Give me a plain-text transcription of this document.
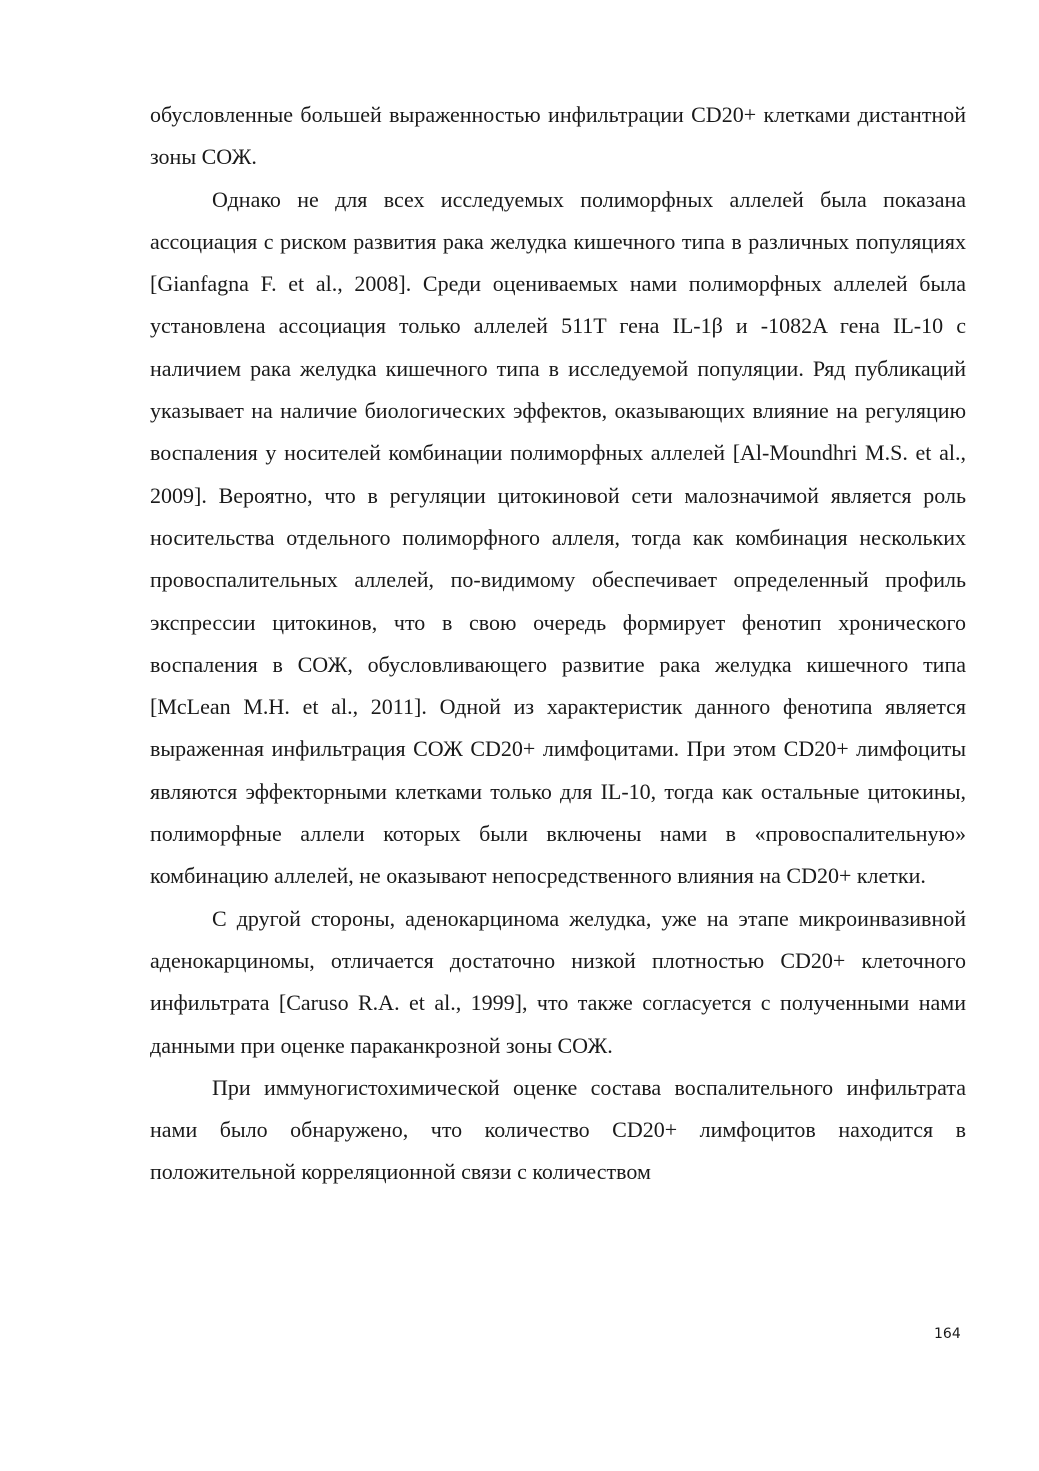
обусловленные большей выраженностью инфильтрации CD20+ клетками дистантной зоны СОЖ.

Однако не для всех исследуемых полиморфных аллелей была показана ассоциация с риском развития рака желудка кишечного типа в различных популяциях [Gianfagna F. et al., 2008]. Среди оцениваемых нами полиморфных аллелей была установлена ассоциация только аллелей 511T гена IL-1β и -1082A гена IL-10 с наличием рака желудка кишечного типа в исследуемой популяции. Ряд публикаций указывает на наличие биологических эффектов, оказывающих влияние на регуляцию воспаления у носителей комбинации полиморфных аллелей [Al-Moundhri M.S. et al., 2009]. Вероятно, что в регуляции цитокиновой сети малозначимой является роль носительства отдельного полиморфного аллеля, тогда как комбинация нескольких провоспалительных аллелей, по-видимому обеспечивает определенный профиль экспрессии цитокинов, что в свою очередь формирует фенотип хронического воспаления в СОЖ, обусловливающего развитие рака желудка кишечного типа [McLean M.H. et al., 2011]. Одной из характеристик данного фенотипа является выраженная инфильтрация СОЖ CD20+ лимфоцитами. При этом CD20+ лимфоциты являются эффекторными клетками только для IL-10, тогда как остальные цитокины, полиморфные аллели которых были включены нами в «провоспалительную» комбинацию аллелей, не оказывают непосредственного влияния на CD20+ клетки.

С другой стороны, аденокарцинома желудка, уже на этапе микроинвазивной аденокарциномы, отличается достаточно низкой плотностью CD20+ клеточного инфильтрата [Caruso R.A. et al., 1999], что также согласуется с полученными нами данными при оценке параканкрозной зоны СОЖ.

При иммуногистохимической оценке состава воспалительного инфильтрата нами было обнаружено, что количество CD20+ лимфоцитов находится в положительной корреляционной связи с количеством

164
